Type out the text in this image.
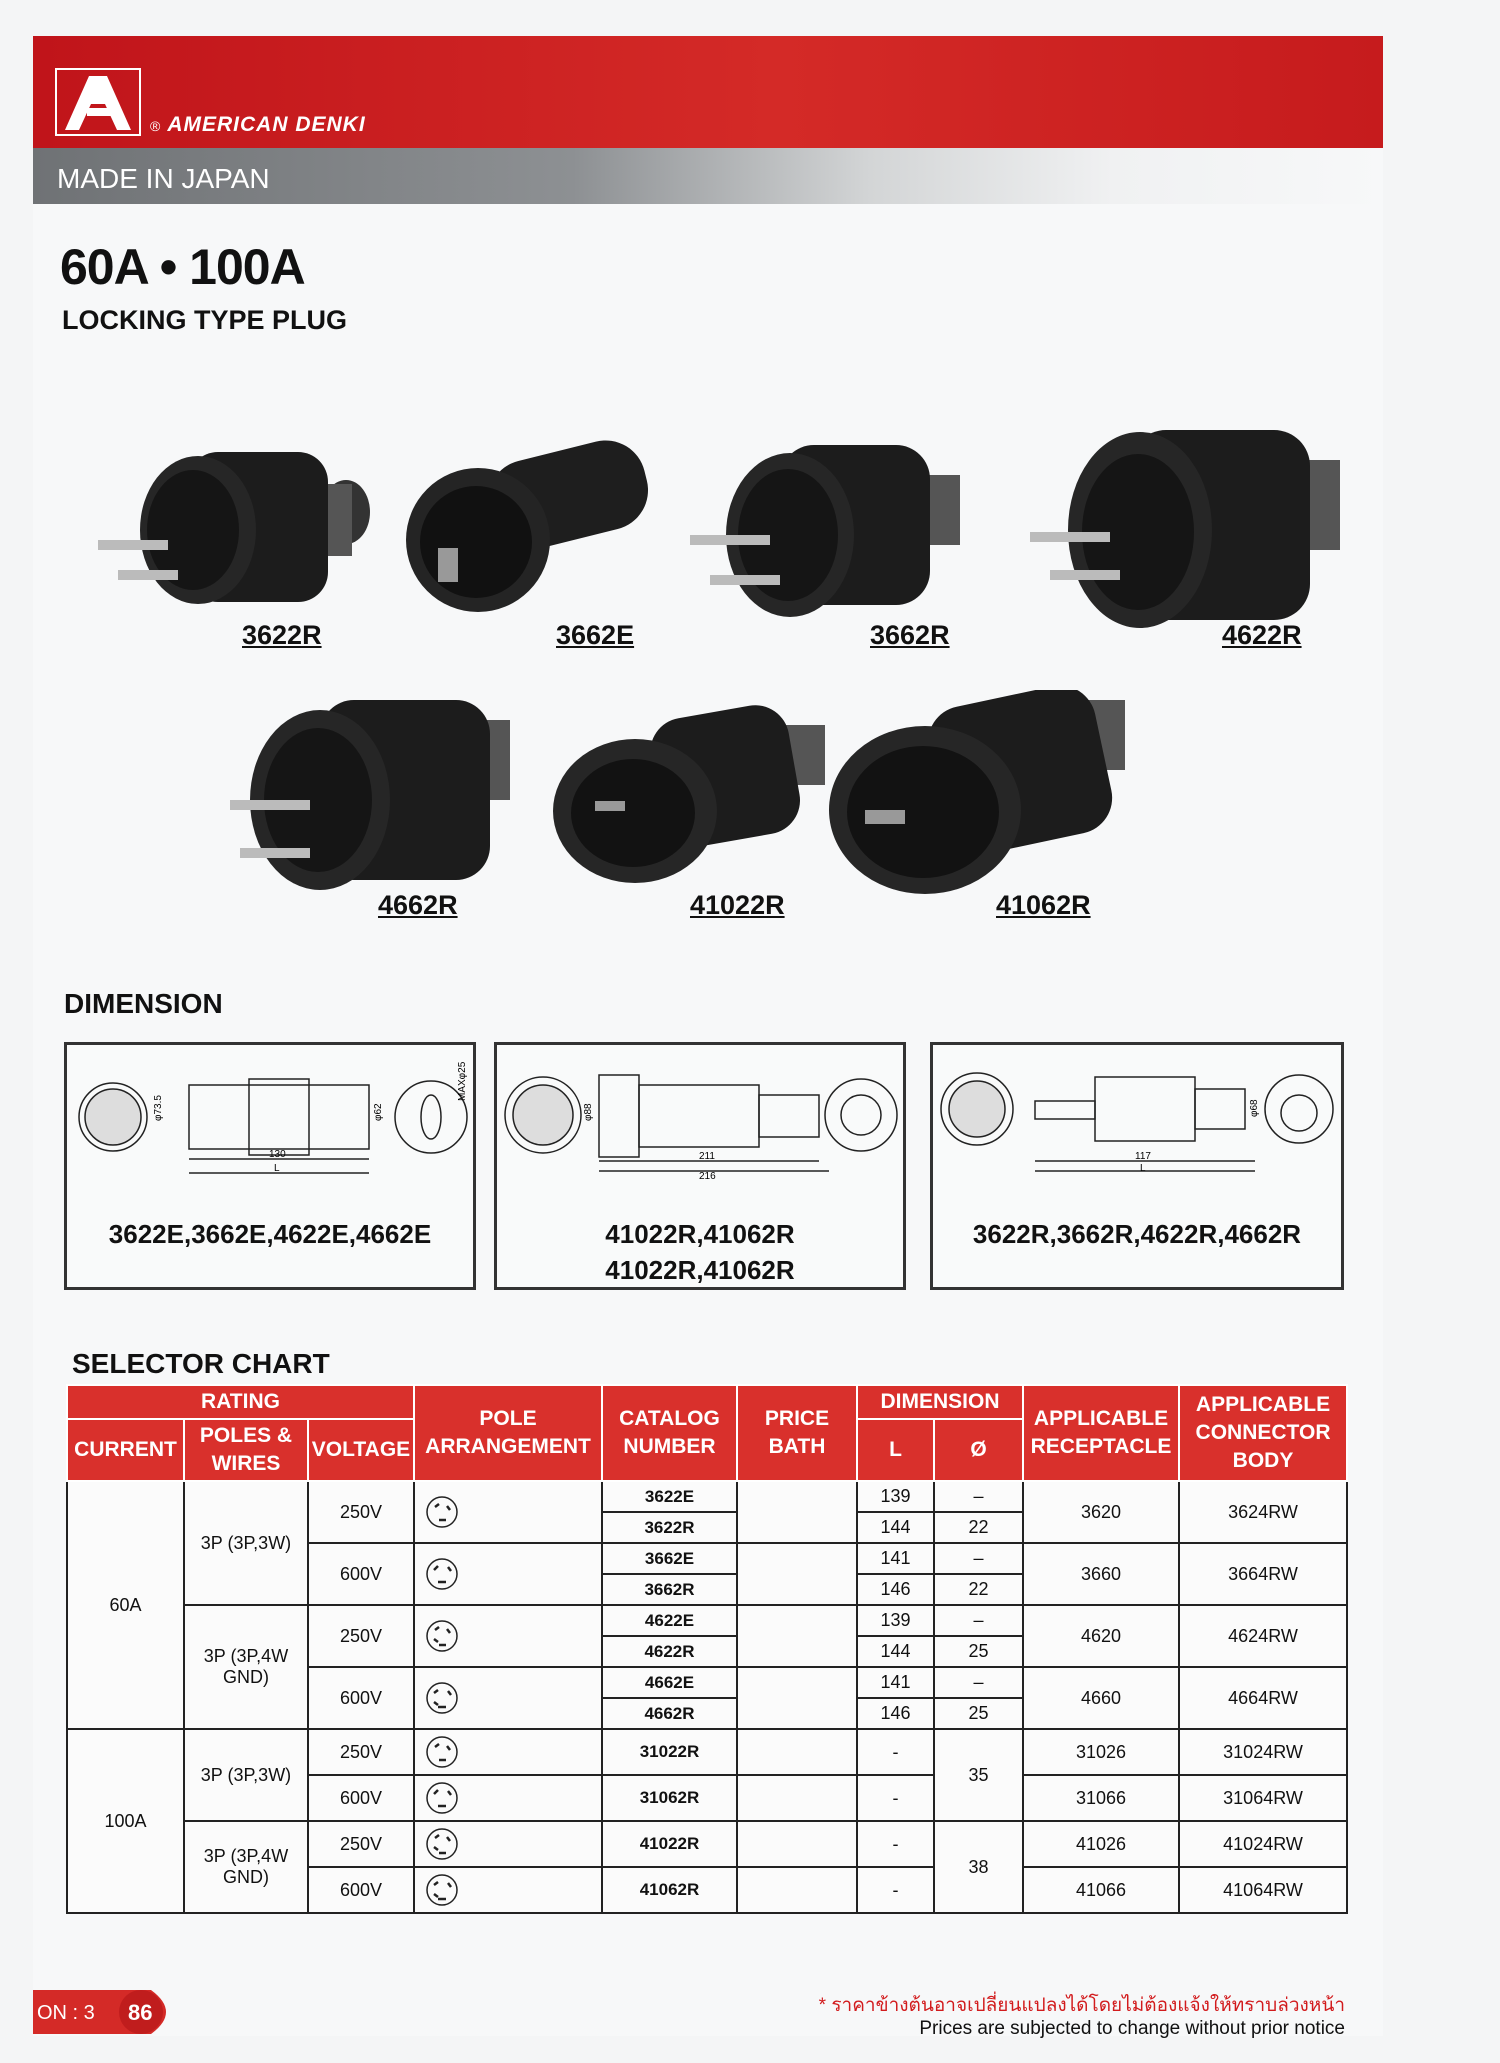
® AMERICAN DENKI
MADE IN JAPAN
60A • 100A
LOCKING TYPE PLUG
3622R	3662E	3662R	4622R
4662R	41022R	41062R
DIMENSION
φ73.5	φ62
MAXφ25
130
L
3622E,3662E,4622E,4662E
φ88
211
216
41022R,41062R
41022R,41062R
φ68
117
L
3622R,3662R,4622R,4662R
SELECTOR CHART
RATING			POLE ARRANGEMENT	CATALOG NUMBER	PRICE BATH	DIMENSION		APPLICABLE RECEPTACLE	APPLICABLE CONNECTOR BODY
CURRENT	POLES & WIRES	VOLTAGE				L	Ø		
60A	3P (3P,3W)	250V		3622E		139	–	3620	3624RW
				3622R		144	22		
		600V		3662E		141	–	3660	3664RW
				3662R		146	22		
	3P (3P,4W GND)	250V		4622E		139	–	4620	4624RW
				4622R		144	25		
		600V		4662E		141	–	4660	4664RW
				4662R		146	25		
100A	3P (3P,3W)	250V		31022R		-	35	31026	31024RW
		600V		31062R		-		31066	31064RW
	3P (3P,4W GND)	250V		41022R		-	38	41026	41024RW
		600V		41062R		-		41066	41064RW
ON : 3 86	* ราคาข้างต้นอาจเปลี่ยนแปลงได้โดยไม่ต้องแจ้งให้ทราบล่วงหน้า
Prices are subjected to change without prior notice
